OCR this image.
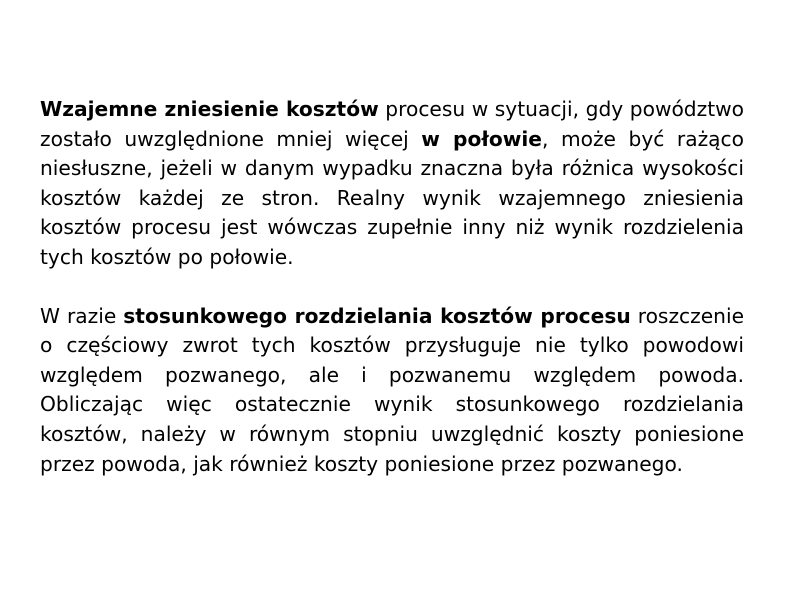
Wzajemne zniesienie kosztów procesu w sytuacji, gdy powództwo zostało uwzględnione mniej więcej w połowie, może być rażąco niesłuszne, jeżeli w danym wypadku znaczna była różnica wysokości kosztów każdej ze stron. Realny wynik wzajemnego zniesienia kosztów procesu jest wówczas zupełnie inny niż wynik rozdzielenia tych kosztów po połowie.

W razie stosunkowego rozdzielania kosztów procesu roszczenie o częściowy zwrot tych kosztów przysługuje nie tylko powodowi względem pozwanego, ale i pozwanemu względem powoda. Obliczając więc ostatecznie wynik stosunkowego rozdzielania kosztów, należy w równym stopniu uwzględnić koszty poniesione przez powoda, jak również koszty poniesione przez pozwanego.
